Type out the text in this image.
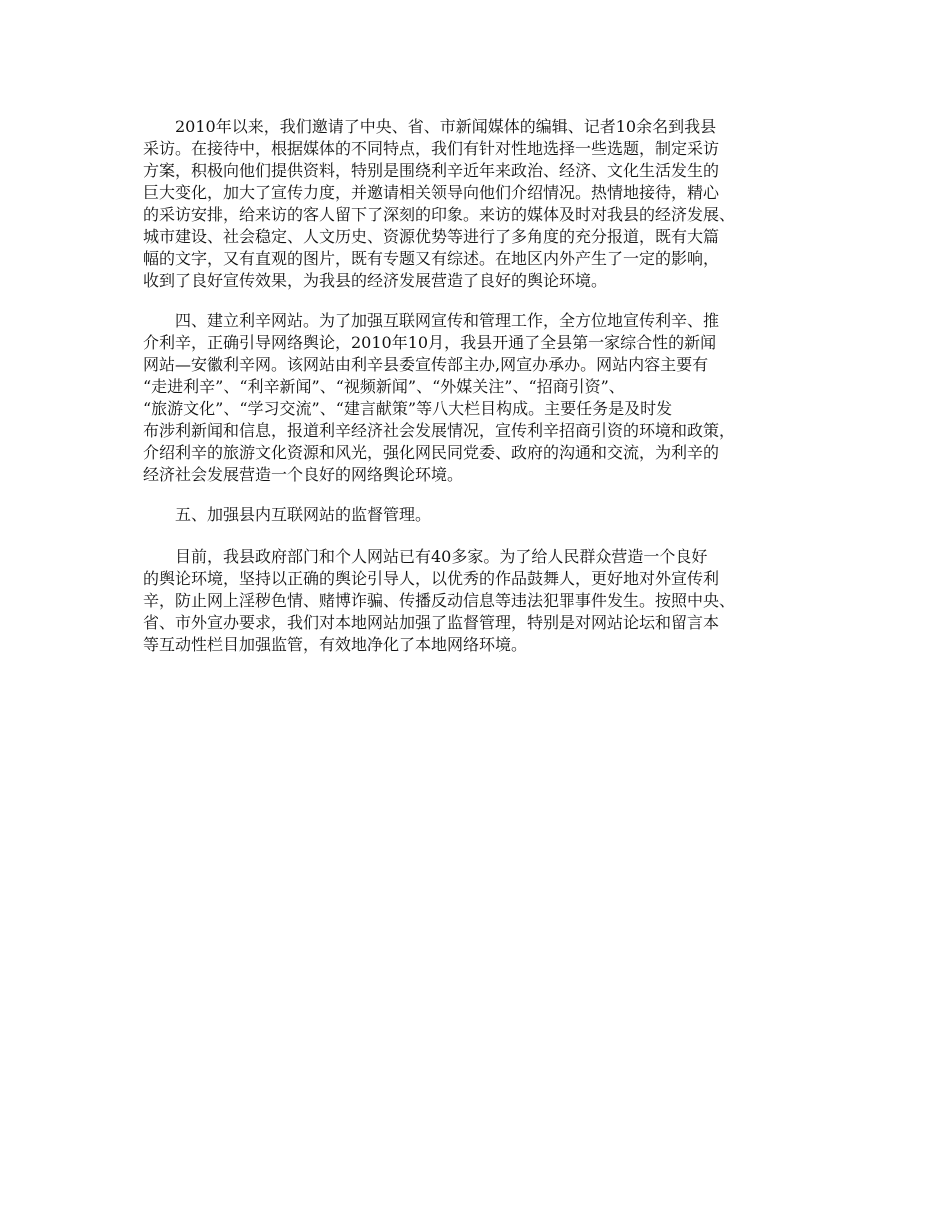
2010年以来，我们邀请了中央、省、市新闻媒体的编辑、记者10余名到我县
采访。在接待中，根据媒体的不同特点，我们有针对性地选择一些选题，制定采访
方案，积极向他们提供资料，特别是围绕利辛近年来政治、经济、文化生活发生的
巨大变化，加大了宣传力度，并邀请相关领导向他们介绍情况。热情地接待，精心
的采访安排，给来访的客人留下了深刻的印象。来访的媒体及时对我县的经济发展、
城市建设、社会稳定、人文历史、资源优势等进行了多角度的充分报道，既有大篇
幅的文字，又有直观的图片，既有专题又有综述。在地区内外产生了一定的影响，
收到了良好宣传效果，为我县的经济发展营造了良好的舆论环境。
四、建立利辛网站。为了加强互联网宣传和管理工作，全方位地宣传利辛、推
介利辛，正确引导网络舆论，2010年10月，我县开通了全县第一家综合性的新闻
网站—安徽利辛网。该网站由利辛县委宣传部主办,网宣办承办。网站内容主要有
“走进利辛”、“利辛新闻”、“视频新闻”、“外媒关注”、“招商引资”、
“旅游文化”、“学习交流”、“建言献策”等八大栏目构成。主要任务是及时发
布涉利新闻和信息，报道利辛经济社会发展情况，宣传利辛招商引资的环境和政策，
介绍利辛的旅游文化资源和风光，强化网民同党委、政府的沟通和交流，为利辛的
经济社会发展营造一个良好的网络舆论环境。
五、加强县内互联网站的监督管理。
目前，我县政府部门和个人网站已有40多家。为了给人民群众营造一个良好
的舆论环境，坚持以正确的舆论引导人，以优秀的作品鼓舞人，更好地对外宣传利
辛，防止网上淫秽色情、赌博诈骗、传播反动信息等违法犯罪事件发生。按照中央、
省、市外宣办要求，我们对本地网站加强了监督管理，特别是对网站论坛和留言本
等互动性栏目加强监管，有效地净化了本地网络环境。
